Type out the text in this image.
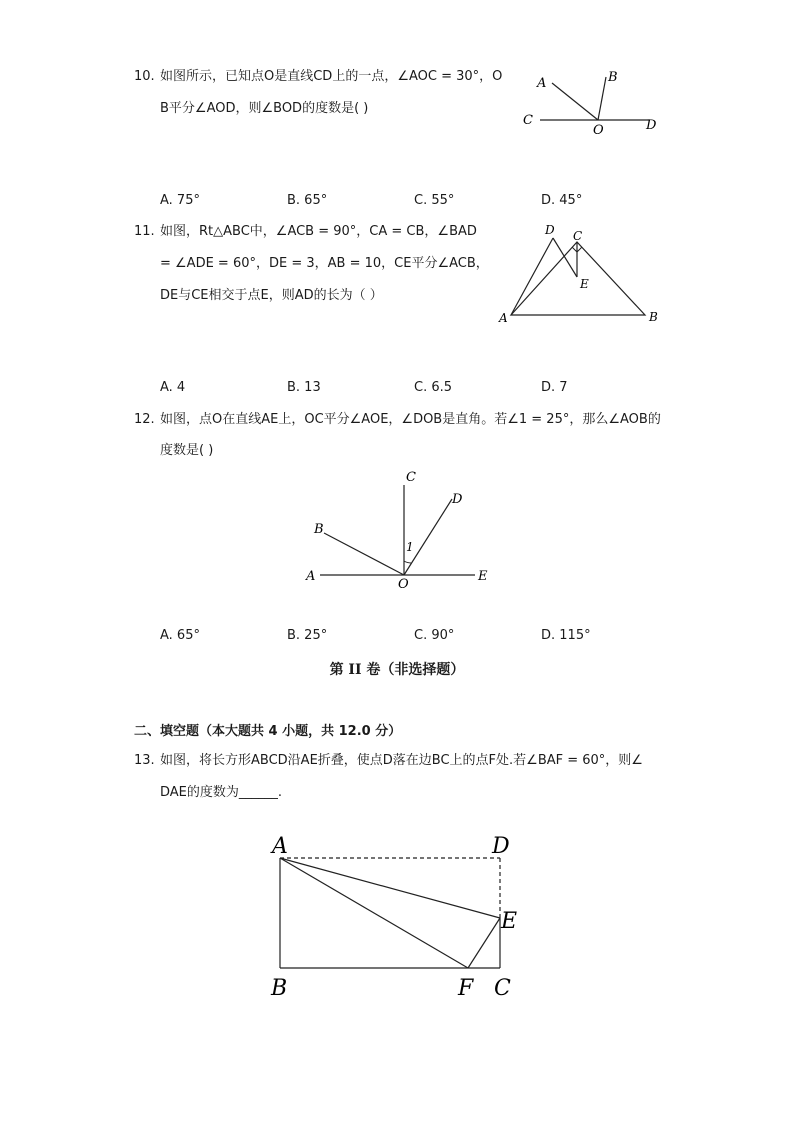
10. 如图所示，已知点O是直线CD上的一点，∠AOC = 30°，O
B平分∠AOD，则∠BOD的度数是( )
A	B
C
O	D
A. 75°	B. 65°	C. 55°	D. 45°
11. 如图，Rt△ABC中，∠ACB = 90°，CA = CB，∠BAD
= ∠ADE = 60°，DE = 3，AB = 10，CE平分∠ACB，
DE与CE相交于点E，则AD的长为（ ）
D C
E
A	B
A. 4	B. 13	C. 6.5	D. 7
12. 如图，点O在直线AE上，OC平分∠AOE，∠DOB是直角。若∠1 = 25°，那么∠AOB的
度数是( )
C
D
B
1
A
O
E
A. 65°	B. 25°	C. 90°	D. 115°
第 II 卷（非选择题）
二、填空题（本大题共 4 小题，共 12.0 分）
13. 如图，将长方形ABCD沿AE折叠，使点D落在边BC上的点F处.若∠BAF = 60°，则∠
DAE的度数为______.
A	D
E
B	F C
